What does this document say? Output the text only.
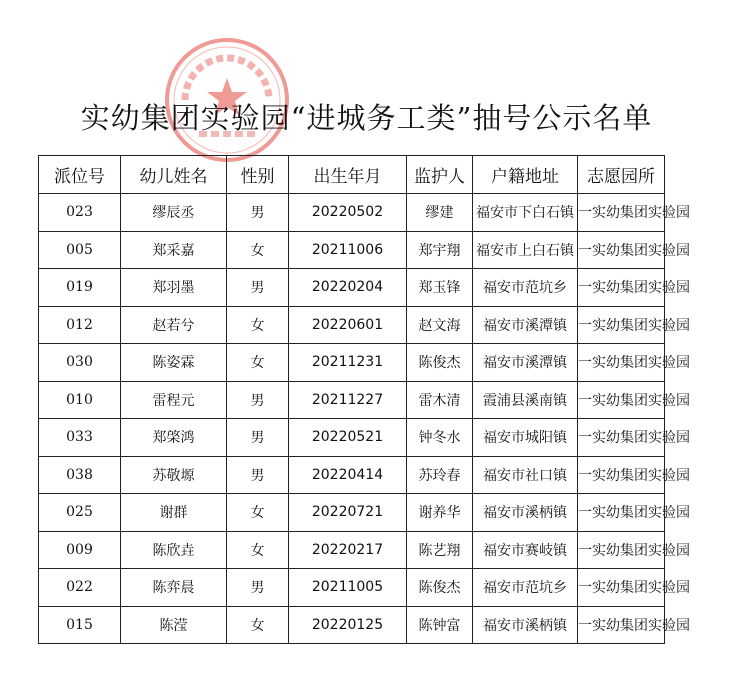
实幼集团实验园“进城务工类”抽号公示名单
派位号	幼儿姓名	性别	出生年月	监护人	户籍地址	志愿园所
023	缪辰丞	男	20220502	缪建	福安市下白石镇	一实幼集团实验园
005	郑采嘉	女	20211006	郑宇翔	福安市上白石镇	一实幼集团实验园
019	郑羽墨	男	20220204	郑玉锋	福安市范坑乡	一实幼集团实验园
012	赵若兮	女	20220601	赵文海	福安市溪潭镇	一实幼集团实验园
030	陈姿霖	女	20211231	陈俊杰	福安市溪潭镇	一实幼集团实验园
010	雷程元	男	20211227	雷木清	霞浦县溪南镇	一实幼集团实验园
033	郑棨鸿	男	20220521	钟冬水	福安市城阳镇	一实幼集团实验园
038	苏敬塬	男	20220414	苏玲春	福安市社口镇	一实幼集团实验园
025	谢群	女	20220721	谢养华	福安市溪柄镇	一实幼集团实验园
009	陈欣垚	女	20220217	陈艺翔	福安市赛岐镇	一实幼集团实验园
022	陈弈晨	男	20211005	陈俊杰	福安市范坑乡	一实幼集团实验园
015	陈滢	女	20220125	陈钟富	福安市溪柄镇	一实幼集团实验园
